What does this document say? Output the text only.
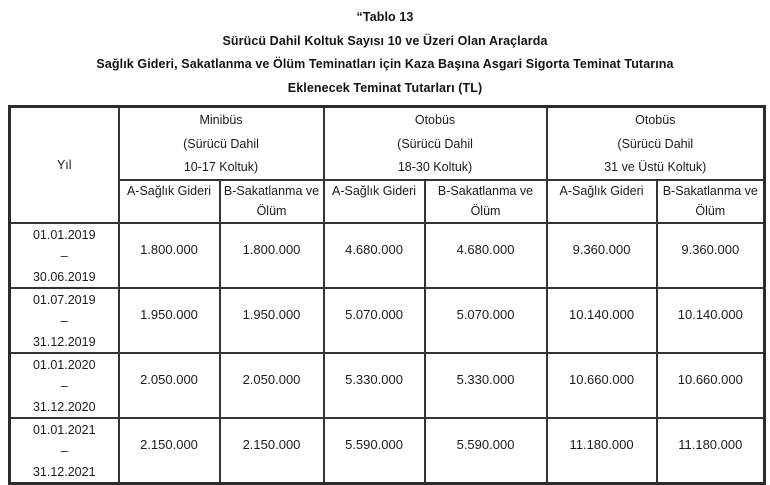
“Tablo 13
Sürücü Dahil Koltuk Sayısı 10 ve Üzeri Olan Araçlarda
Sağlık Gideri, Sakatlanma ve Ölüm Teminatları için Kaza Başına Asgari Sigorta Teminat Tutarına
Eklenecek Teminat Tutarları (TL)
Yıl	
Minibüs
(Sürücü Dahil
10-17 Koltuk)

Otobüs
(Sürücü Dahil
18-30 Koltuk)

Otobüs
(Sürücü Dahil
31 ve Üstü Koltuk)

A-Sağlık Gideri	B-Sakatlanma ve
Ölüm

A-Sağlık Gideri	B-Sakatlanma ve
Ölüm

A-Sağlık Gideri	B-Sakatlanma ve
Ölüm

01.01.2019
–
30.06.2019	1.800.000	1.800.000	4.680.000	4.680.000	9.360.000	9.360.000

01.07.2019
–
31.12.2019	1.950.000	1.950.000	5.070.000	5.070.000	10.140.000	10.140.000

01.01.2020
–
31.12.2020	2.050.000	2.050.000	5.330.000	5.330.000	10.660.000	10.660.000

01.01.2021
–
31.12.2021	2.150.000	2.150.000	5.590.000	5.590.000	11.180.000	11.180.000
